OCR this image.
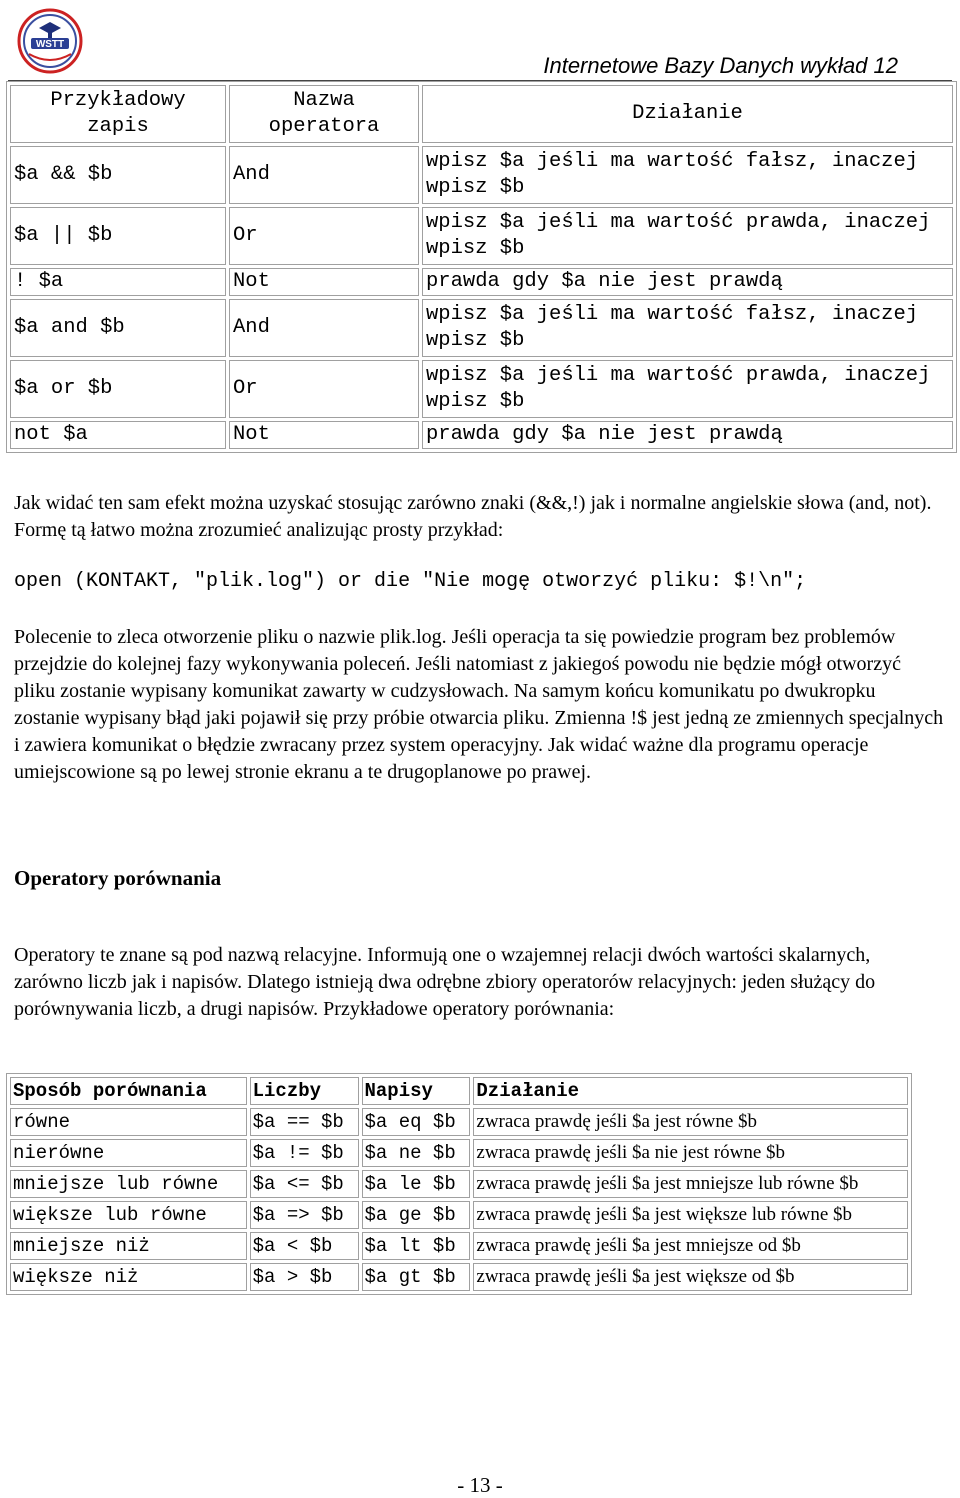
WSTT
Internetowe Bazy Danych wykład 12
Przykładowy zapis	Nazwa operatora	Działanie
$a && $b	And	wpisz $a jeśli ma wartość fałsz, inaczej wpisz $b
$a || $b	Or	wpisz $a jeśli ma wartość prawda, inaczej wpisz $b
! $a	Not	prawda gdy $a nie jest prawdą
$a and $b	And	wpisz $a jeśli ma wartość fałsz, inaczej wpisz $b
$a or $b	Or	wpisz $a jeśli ma wartość prawda, inaczej wpisz $b
not $a	Not	prawda gdy $a nie jest prawdą

Jak widać ten sam efekt można uzyskać stosując zarówno znaki (&&,!) jak i normalne angielskie słowa (and, not). Formę tą łatwo można zrozumieć analizując prosty przykład:

open (KONTAKT, "plik.log") or die "Nie mogę otworzyć pliku: $!\n";

Polecenie to zleca otworzenie pliku o nazwie plik.log. Jeśli operacja ta się powiedzie program bez problemów przejdzie do kolejnej fazy wykonywania poleceń. Jeśli natomiast z jakiegoś powodu nie będzie mógł otworzyć pliku zostanie wypisany komunikat zawarty w cudzysłowach. Na samym końcu komunikatu po dwukropku zostanie wypisany błąd jaki pojawił się przy próbie otwarcia pliku. Zmienna !$ jest jedną ze zmiennych specjalnych i zawiera komunikat o błędzie zwracany przez system operacyjny. Jak widać ważne dla programu operacje umiejscowione są po lewej stronie ekranu a te drugoplanowe po prawej.

Operatory porównania

Operatory te znane są pod nazwą relacyjne. Informują one o wzajemnej relacji dwóch wartości skalarnych, zarówno liczb jak i napisów. Dlatego istnieją dwa odrębne zbiory operatorów relacyjnych: jeden służący do porównywania liczb, a drugi napisów. Przykładowe operatory porównania:

Sposób porównania	Liczby	Napisy	Działanie
równe	$a == $b	$a eq $b	zwraca prawdę jeśli $a jest równe $b
nierówne	$a != $b	$a ne $b	zwraca prawdę jeśli $a nie jest równe $b
mniejsze lub równe	$a <= $b	$a le $b	zwraca prawdę jeśli $a jest mniejsze lub równe $b
większe lub równe	$a => $b	$a ge $b	zwraca prawdę jeśli $a jest większe lub równe $b
mniejsze niż	$a < $b	$a lt $b	zwraca prawdę jeśli $a jest mniejsze od $b
większe niż	$a > $b	$a gt $b	zwraca prawdę jeśli $a jest większe od $b
- 13 -
